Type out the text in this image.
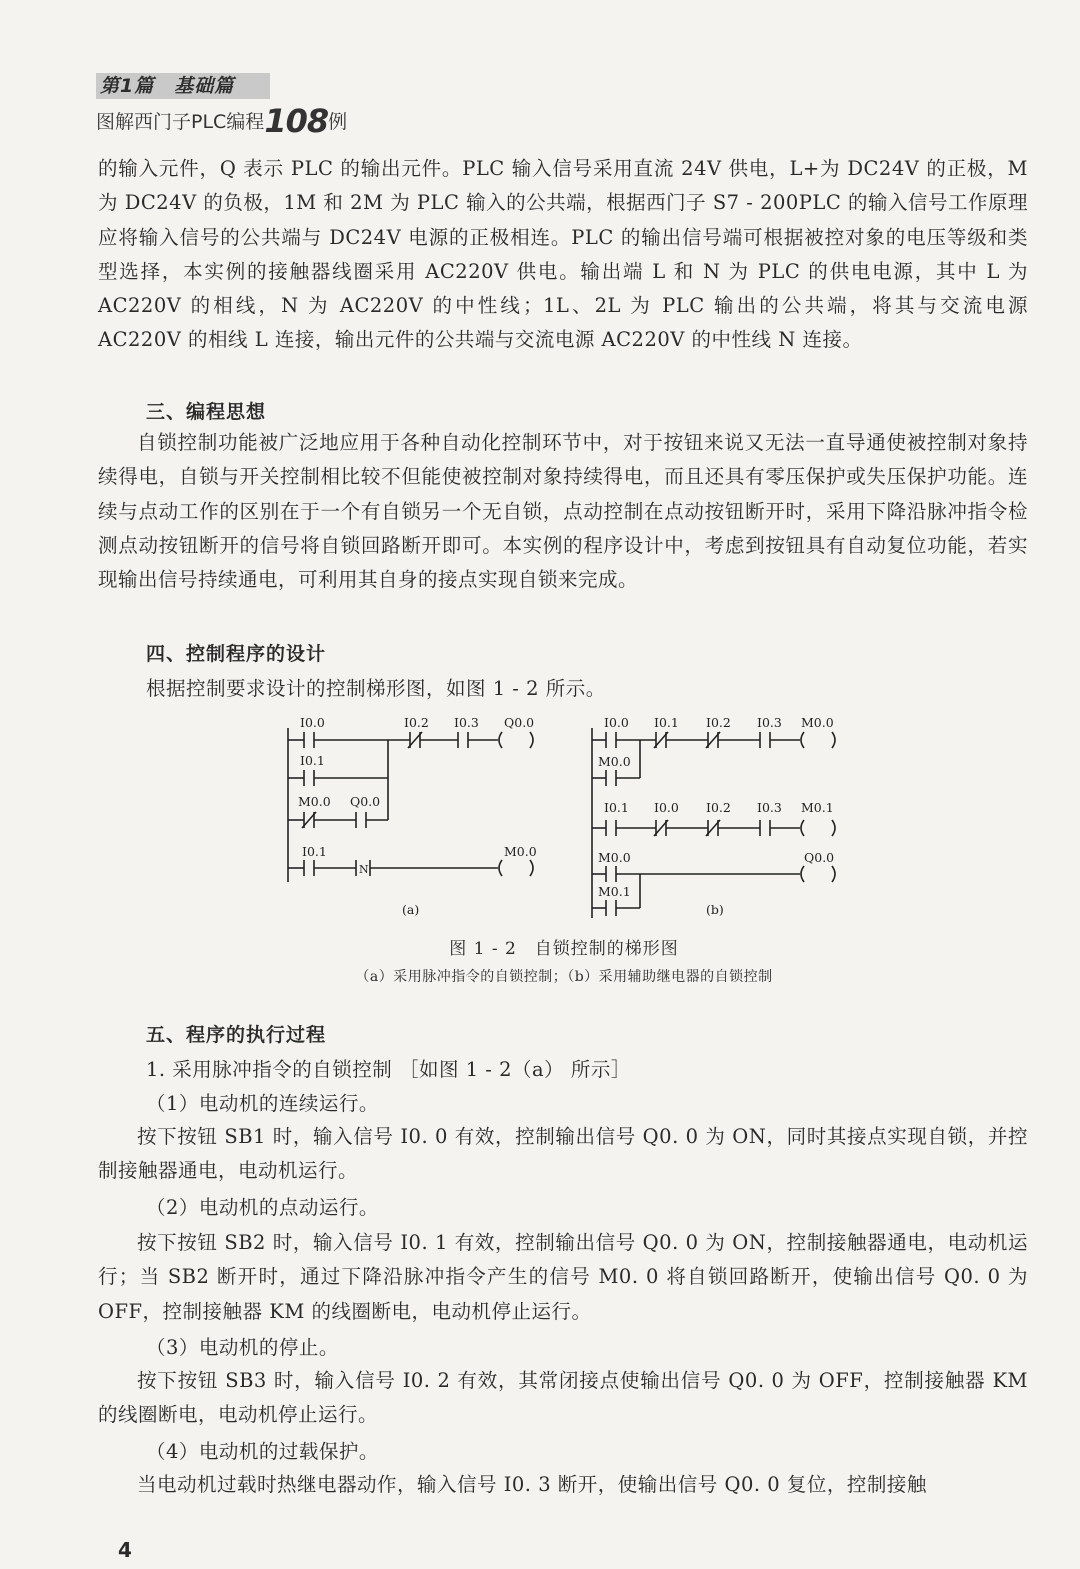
第1篇　基础篇
图解西门子PLC编程108例
的输入元件，Q 表示 PLC 的输出元件。PLC 输入信号采用直流 24V 供电，L+为 DC24V 的正极，M 为 DC24V 的负极，1M 和 2M 为 PLC 输入的公共端，根据西门子 S7 - 200PLC 的输入信号工作原理应将输入信号的公共端与 DC24V 电源的正极相连。PLC 的输出信号端可根据被控对象的电压等级和类型选择，本实例的接触器线圈采用 AC220V 供电。输出端 L 和 N 为 PLC 的供电电源，其中 L 为 AC220V 的相线，N 为 AC220V 的中性线；1L、2L 为 PLC 输出的公共端，将其与交流电源 AC220V 的相线 L 连接，输出元件的公共端与交流电源 AC220V 的中性线 N 连接。
三、编程思想
自锁控制功能被广泛地应用于各种自动化控制环节中，对于按钮来说又无法一直导通使被控制对象持续得电，自锁与开关控制相比较不但能使被控制对象持续得电，而且还具有零压保护或失压保护功能。连续与点动工作的区别在于一个有自锁另一个无自锁，点动控制在点动按钮断开时，采用下降沿脉冲指令检测点动按钮断开的信号将自锁回路断开即可。本实例的程序设计中，考虑到按钮具有自动复位功能，若实现输出信号持续通电，可利用其自身的接点实现自锁来完成。
四、控制程序的设计
根据控制要求设计的控制梯形图，如图 1 - 2 所示。
I0.0	I0.2 I0.3 Q0.0
I0.1
M0.0 Q0.0
I0.1
N
M0.0
(a)
I0.0 I0.1 I0.2 I0.3 M0.0
M0.0
I0.1 I0.0 I0.2 I0.3 M0.1
M0.0	Q0.0
M0.1
(b)
图 1 - 2　自锁控制的梯形图
（a）采用脉冲指令的自锁控制；（b）采用辅助继电器的自锁控制
五、程序的执行过程
1. 采用脉冲指令的自锁控制 ［如图 1 - 2（a） 所示］
（1）电动机的连续运行。
按下按钮 SB1 时，输入信号 I0. 0 有效，控制输出信号 Q0. 0 为 ON，同时其接点实现自锁，并控制接触器通电，电动机运行。
（2）电动机的点动运行。
按下按钮 SB2 时，输入信号 I0. 1 有效，控制输出信号 Q0. 0 为 ON，控制接触器通电，电动机运行；当 SB2 断开时，通过下降沿脉冲指令产生的信号 M0. 0 将自锁回路断开，使输出信号 Q0. 0 为 OFF，控制接触器 KM 的线圈断电，电动机停止运行。
（3）电动机的停止。
按下按钮 SB3 时，输入信号 I0. 2 有效，其常闭接点使输出信号 Q0. 0 为 OFF，控制接触器 KM 的线圈断电，电动机停止运行。
（4）电动机的过载保护。
当电动机过载时热继电器动作，输入信号 I0. 3 断开，使输出信号 Q0. 0 复位，控制接触
4
